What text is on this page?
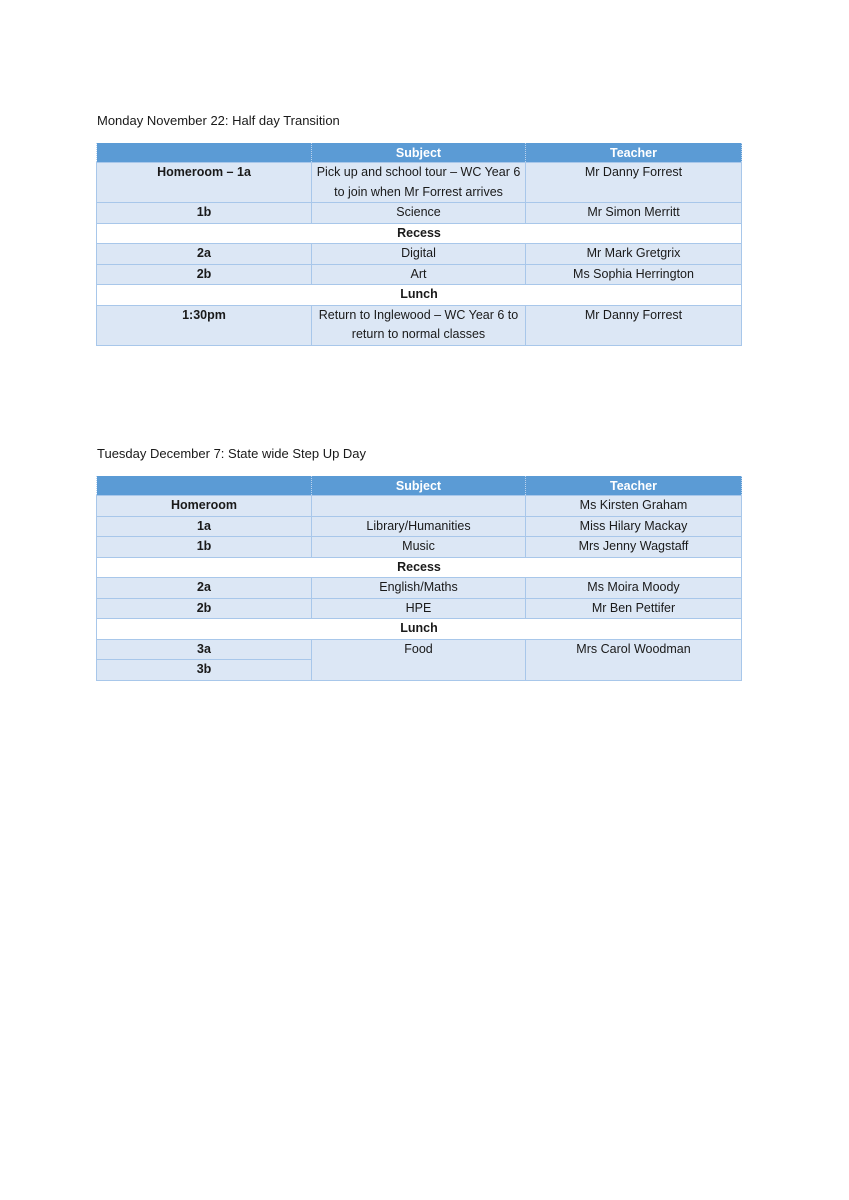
Monday November 22: Half day Transition
	Subject	Teacher
Homeroom – 1a	Pick up and school tour – WC Year 6 to join when Mr Forrest arrives	Mr Danny Forrest
1b	Science	Mr Simon Merritt
Recess		
2a	Digital	Mr Mark Gretgrix
2b	Art	Ms Sophia Herrington
Lunch		
1:30pm	Return to Inglewood – WC Year 6 to return to normal classes	Mr Danny Forrest
Tuesday December 7: State wide Step Up Day
	Subject	Teacher
Homeroom		Ms Kirsten Graham
1a	Library/Humanities	Miss Hilary Mackay
1b	Music	Mrs Jenny Wagstaff
Recess		
2a	English/Maths	Ms Moira Moody
2b	HPE	Mr Ben Pettifer
Lunch		
3a	Food	Mrs Carol Woodman
3b		
